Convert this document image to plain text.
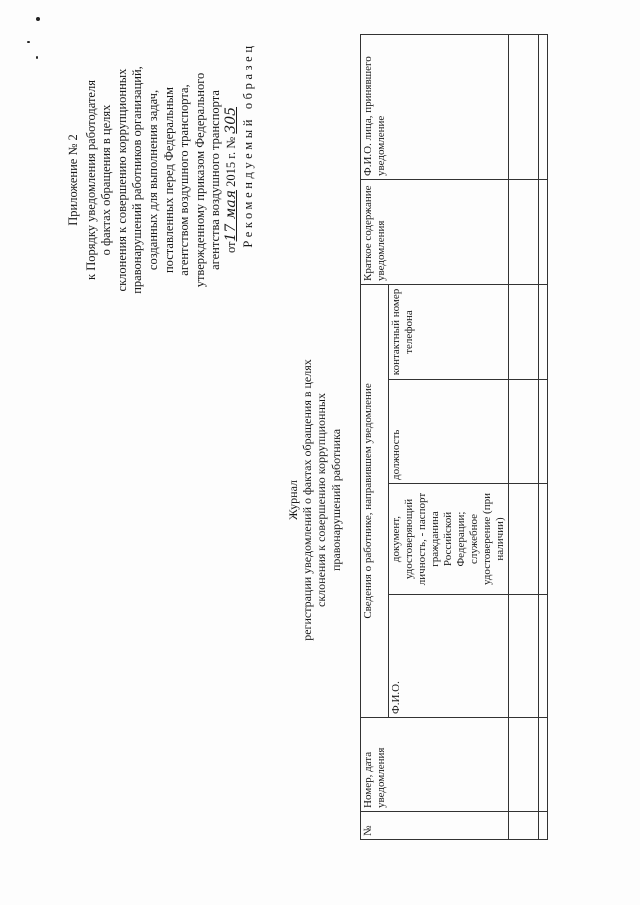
Приложение № 2 к Порядку уведомления работодателя о фактах обращения в целях склонения к совершению коррупционных правонарушений работников организаций, созданных для выполнения задач, поставленных перед Федеральным агентством воздушного транспорта, утвержденному приказом Федерального агентства воздушного транспорта от17 мая 2015 г. № 305 Рекомендуемый образец
Журнал регистрации уведомлений о фактах обращения в целях склонения к совершению коррупционных правонарушений работника
№	Номер, дата уведомления	Сведения о работнике, направившем уведомление				Краткое содержание уведомления	Ф.И.О. лица, принявшего уведомление
		Ф.И.О.	документ, удостоверяющий личность, - паспорт гражданина Российской Федерации; служебное удостоверение (при наличии)	должность	контактный номер телефона		
